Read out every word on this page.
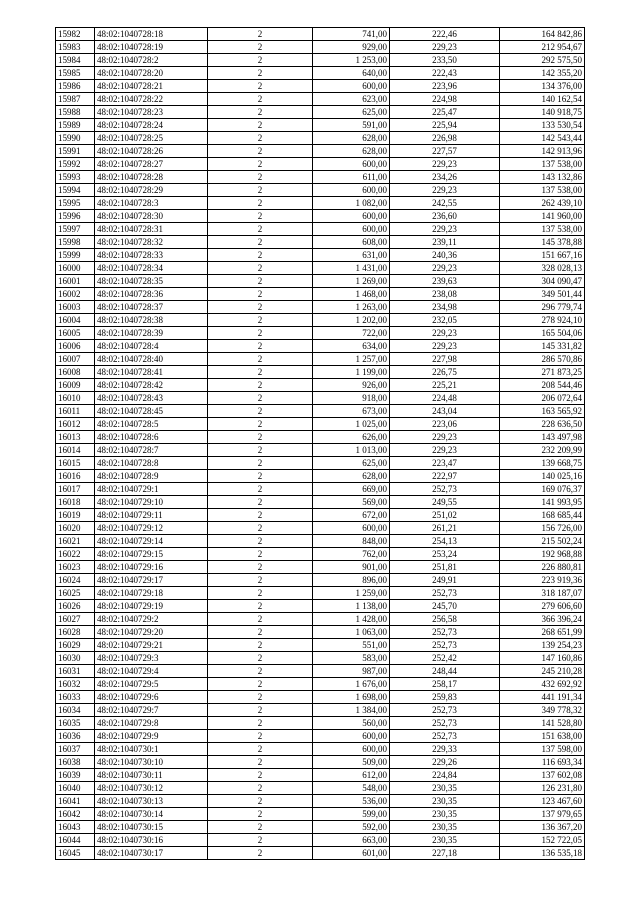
15982	48:02:1040728:18	2	741,00	222,46	164 842,86
15983	48:02:1040728:19	2	929,00	229,23	212 954,67
15984	48:02:1040728:2	2	1 253,00	233,50	292 575,50
15985	48:02:1040728:20	2	640,00	222,43	142 355,20
15986	48:02:1040728:21	2	600,00	223,96	134 376,00
15987	48:02:1040728:22	2	623,00	224,98	140 162,54
15988	48:02:1040728:23	2	625,00	225,47	140 918,75
15989	48:02:1040728:24	2	591,00	225,94	133 530,54
15990	48:02:1040728:25	2	628,00	226,98	142 543,44
15991	48:02:1040728:26	2	628,00	227,57	142 913,96
15992	48:02:1040728:27	2	600,00	229,23	137 538,00
15993	48:02:1040728:28	2	611,00	234,26	143 132,86
15994	48:02:1040728:29	2	600,00	229,23	137 538,00
15995	48:02:1040728:3	2	1 082,00	242,55	262 439,10
15996	48:02:1040728:30	2	600,00	236,60	141 960,00
15997	48:02:1040728:31	2	600,00	229,23	137 538,00
15998	48:02:1040728:32	2	608,00	239,11	145 378,88
15999	48:02:1040728:33	2	631,00	240,36	151 667,16
16000	48:02:1040728:34	2	1 431,00	229,23	328 028,13
16001	48:02:1040728:35	2	1 269,00	239,63	304 090,47
16002	48:02:1040728:36	2	1 468,00	238,08	349 501,44
16003	48:02:1040728:37	2	1 263,00	234,98	296 779,74
16004	48:02:1040728:38	2	1 202,00	232,05	278 924,10
16005	48:02:1040728:39	2	722,00	229,23	165 504,06
16006	48:02:1040728:4	2	634,00	229,23	145 331,82
16007	48:02:1040728:40	2	1 257,00	227,98	286 570,86
16008	48:02:1040728:41	2	1 199,00	226,75	271 873,25
16009	48:02:1040728:42	2	926,00	225,21	208 544,46
16010	48:02:1040728:43	2	918,00	224,48	206 072,64
16011	48:02:1040728:45	2	673,00	243,04	163 565,92
16012	48:02:1040728:5	2	1 025,00	223,06	228 636,50
16013	48:02:1040728:6	2	626,00	229,23	143 497,98
16014	48:02:1040728:7	2	1 013,00	229,23	232 209,99
16015	48:02:1040728:8	2	625,00	223,47	139 668,75
16016	48:02:1040728:9	2	628,00	222,97	140 025,16
16017	48:02:1040729:1	2	669,00	252,73	169 076,37
16018	48:02:1040729:10	2	569,00	249,55	141 993,95
16019	48:02:1040729:11	2	672,00	251,02	168 685,44
16020	48:02:1040729:12	2	600,00	261,21	156 726,00
16021	48:02:1040729:14	2	848,00	254,13	215 502,24
16022	48:02:1040729:15	2	762,00	253,24	192 968,88
16023	48:02:1040729:16	2	901,00	251,81	226 880,81
16024	48:02:1040729:17	2	896,00	249,91	223 919,36
16025	48:02:1040729:18	2	1 259,00	252,73	318 187,07
16026	48:02:1040729:19	2	1 138,00	245,70	279 606,60
16027	48:02:1040729:2	2	1 428,00	256,58	366 396,24
16028	48:02:1040729:20	2	1 063,00	252,73	268 651,99
16029	48:02:1040729:21	2	551,00	252,73	139 254,23
16030	48:02:1040729:3	2	583,00	252,42	147 160,86
16031	48:02:1040729:4	2	987,00	248,44	245 210,28
16032	48:02:1040729:5	2	1 676,00	258,17	432 692,92
16033	48:02:1040729:6	2	1 698,00	259,83	441 191,34
16034	48:02:1040729:7	2	1 384,00	252,73	349 778,32
16035	48:02:1040729:8	2	560,00	252,73	141 528,80
16036	48:02:1040729:9	2	600,00	252,73	151 638,00
16037	48:02:1040730:1	2	600,00	229,33	137 598,00
16038	48:02:1040730:10	2	509,00	229,26	116 693,34
16039	48:02:1040730:11	2	612,00	224,84	137 602,08
16040	48:02:1040730:12	2	548,00	230,35	126 231,80
16041	48:02:1040730:13	2	536,00	230,35	123 467,60
16042	48:02:1040730:14	2	599,00	230,35	137 979,65
16043	48:02:1040730:15	2	592,00	230,35	136 367,20
16044	48:02:1040730:16	2	663,00	230,35	152 722,05
16045	48:02:1040730:17	2	601,00	227,18	136 535,18
